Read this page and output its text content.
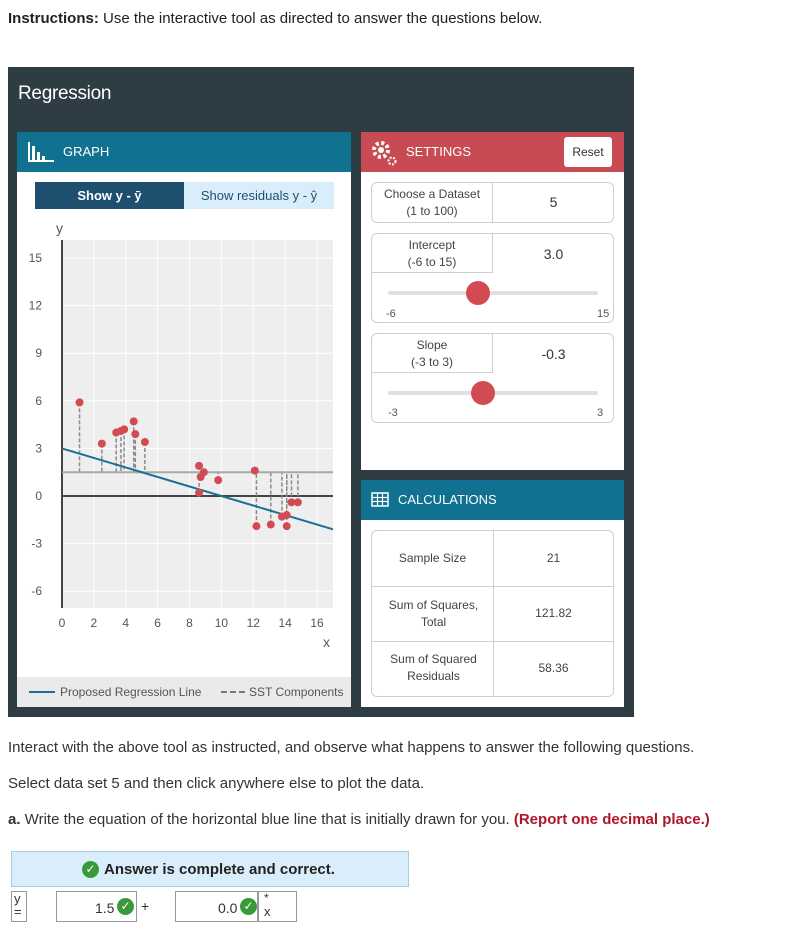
Instructions: Use the interactive tool as directed to answer the questions below.
Regression
GRAPH
Show y - ȳ	Show residuals y - ŷ
y
x
15
12
9
6
3
0
-3
-6
0 2 4 6 8 10 12 14 16
Proposed Regression Line	SST Components
SETTINGS	Reset
Choose a Dataset
(1 to 100)
5
Intercept
(-6 to 15)	3.0
-6	15
Slope
(-3 to 3)	-0.3
-3	3
CALCULATIONS
Sample Size	21
Sum of Squares, Total
121.82
Sum of Squared Residuals
58.36
Interact with the above tool as instructed, and observe what happens to answer the following questions.
Select data set 5 and then click anywhere else to plot the data.
a. Write the equation of the horizontal blue line that is initially drawn for you. (Report one decimal place.)
✓ Answer is complete and correct.
y
=	1.5 ✓ +	0.0 ✓
*
x
